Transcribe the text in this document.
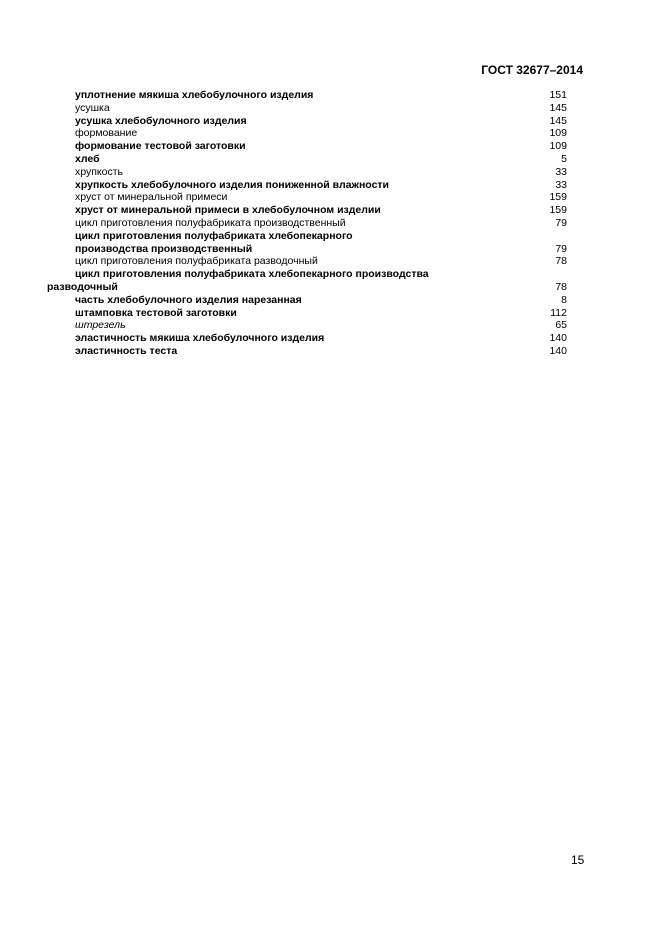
ГОСТ 32677–2014
уплотнение мякиша хлебобулочного изделия	151
усушка	145
усушка хлебобулочного изделия	145
формование	109
формование тестовой заготовки	109
хлеб	5
хрупкость	33
хрупкость хлебобулочного изделия пониженной влажности	33
хруст от минеральной примеси	159
хруст от минеральной примеси в хлебобулочном изделии	159
цикл приготовления полуфабриката производственный	79
цикл приготовления полуфабриката хлебопекарного
производства производственный	79
цикл приготовления полуфабриката разводочный	78
цикл приготовления полуфабриката хлебопекарного производства
разводочный	78
часть хлебобулочного изделия нарезанная	8
штамповка тестовой заготовки	112
штрезель	65
эластичность мякиша хлебобулочного изделия	140
эластичность теста	140
15
